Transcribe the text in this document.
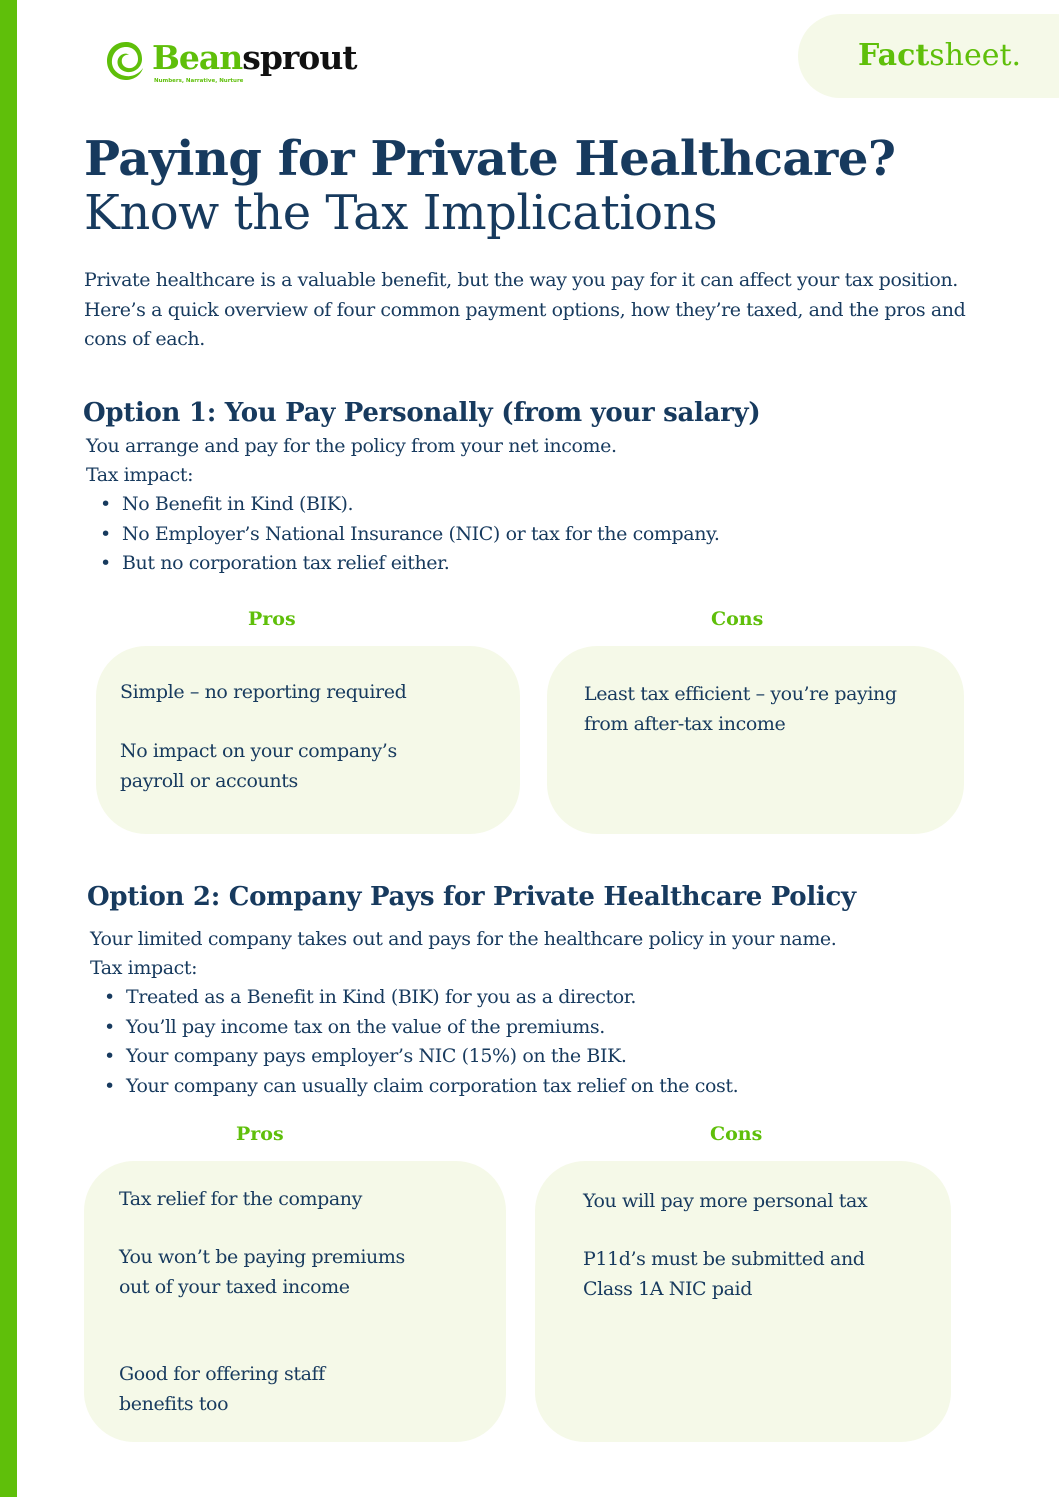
Beansprout
Numbers, Narrative, Nurture
Factsheet.
Paying for Private Healthcare?
Know the Tax Implications

Private healthcare is a valuable benefit, but the way you pay for it can affect your tax position. Here’s a quick overview of four common payment options, how they’re taxed, and the pros and cons of each.

Option 1: You Pay Personally (from your salary)
You arrange and pay for the policy from your net income.
Tax impact:
• No Benefit in Kind (BIK).
• No Employer’s National Insurance (NIC) or tax for the company.
• But no corporation tax relief either.
Pros	Cons
Simple – no reporting required
No impact on your company’s payroll or accounts
Least tax efficient – you’re paying from after-tax income
Option 2: Company Pays for Private Healthcare Policy
Your limited company takes out and pays for the healthcare policy in your name.
Tax impact:
• Treated as a Benefit in Kind (BIK) for you as a director.
• You’ll pay income tax on the value of the premiums.
• Your company pays employer’s NIC (15%) on the BIK.
• Your company can usually claim corporation tax relief on the cost.
Pros	Cons
Tax relief for the company
You won’t be paying premiums out of your taxed income
Good for offering staff benefits too
You will pay more personal tax
P11d’s must be submitted and Class 1A NIC paid
